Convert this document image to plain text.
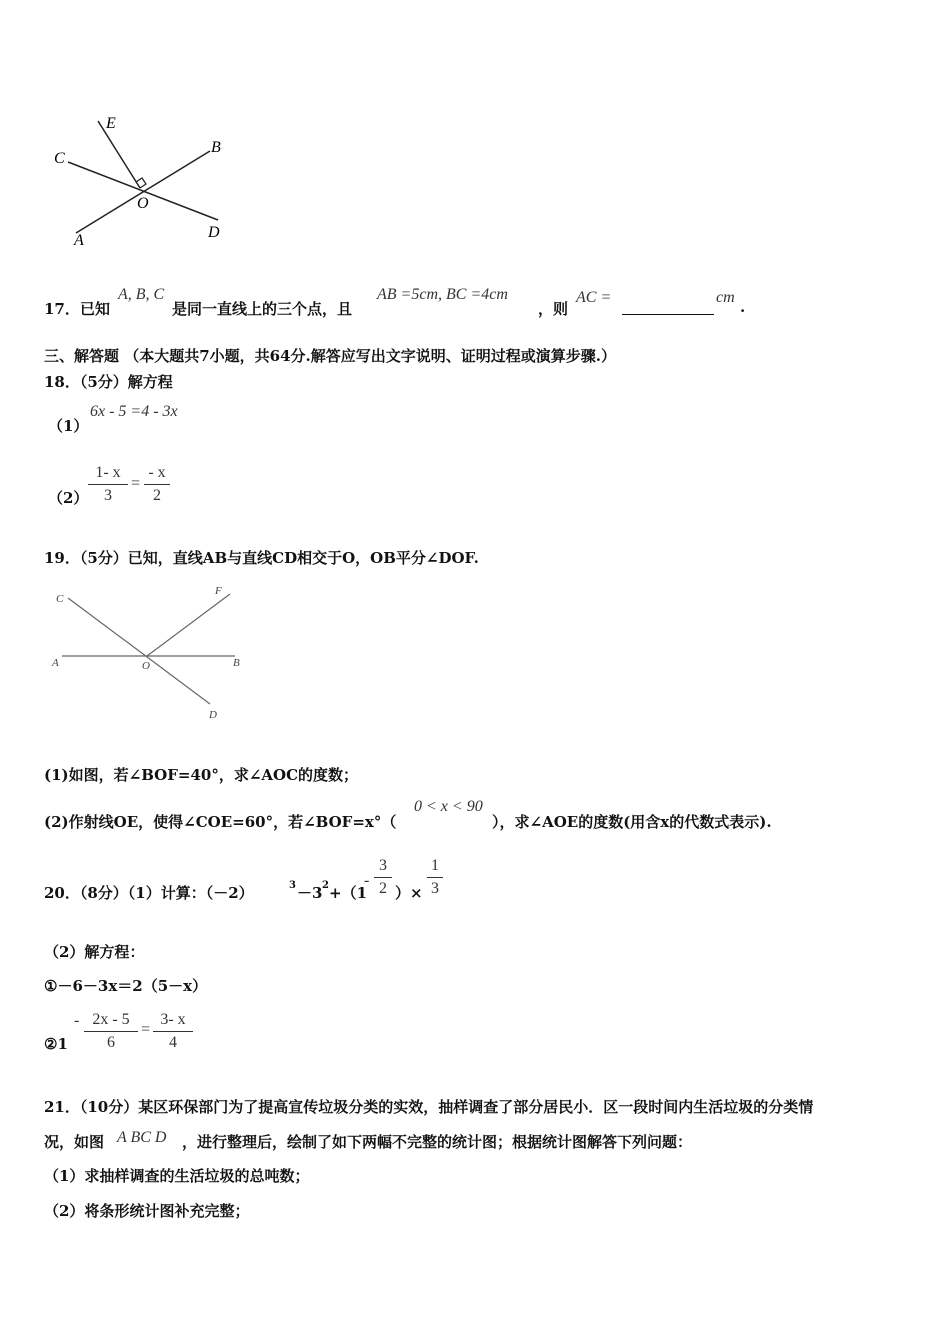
E
B
C
O
A	D
17． 已知
A, B, C
是同一直线上的三个点，且
AB =5cm, BC =4cm
，则
AC =	cm
.
三、解答题 （本大题共7小题，共64分.解答应写出文字说明、证明过程或演算步骤.）
18．（5分）解方程
（1）
6x - 5 =4 - 3x
（2）
1- x
3
=
- x
2
19．（5分）已知，直线AB与直线CD相交于O，OB平分∠DOF.
C
F
A	O	B
D
(1)如图，若∠BOF=40°，求∠AOC的度数；
(2)作射线OE，使得∠COE=60°，若∠BOF=x°（
0 < x < 90
），求∠AOE的度数(用含x的代数式表示).
20．（8分）（1）计算：（－2）	3 －3 2 +（1
-
3
2 ）×
1
3
（2）解方程：
①－6－3x＝2（5－x）
②1
- 2x - 5
6
=
3- x
4
21．（10分）某区环保部门为了提高宣传垃圾分类的实效，抽样调查了部分居民小．区一段时间内生活垃圾的分类情
况，如图 A BC D ，进行整理后，绘制了如下两幅不完整的统计图；根据统计图解答下列问题：
（1）求抽样调查的生活垃圾的总吨数；
（2）将条形统计图补充完整；
